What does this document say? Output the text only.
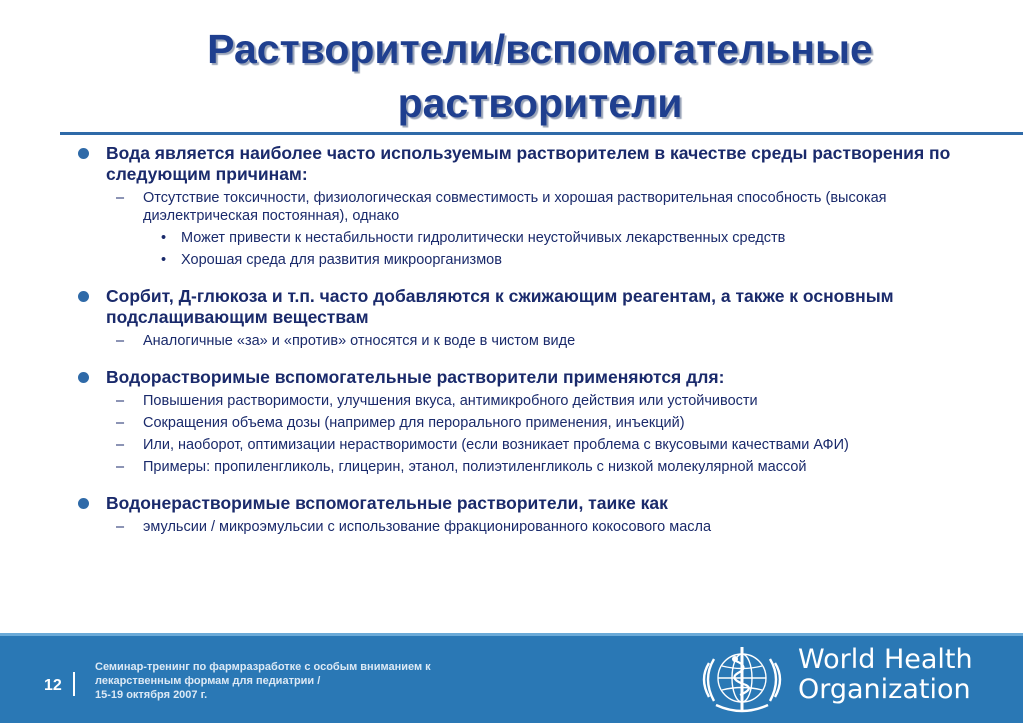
Растворители/вспомогательные
растворители
Вода является наиболее часто используемым растворителем в качестве среды растворения по следующим причинам:
– Отсутствие токсичности, физиологическая совместимость и хорошая растворительная способность (высокая диэлектрическая постоянная), однако
• Может привести к нестабильности гидролитически неустойчивых лекарственных средств
• Хорошая среда для развития микроорганизмов
Сорбит, Д-глюкоза и т.п. часто добавляются к сжижающим реагентам, а также к основным подслащивающим веществам
– Аналогичные «за» и «против» относятся и к воде в чистом виде
Водорастворимые вспомогательные растворители применяются для:
– Повышения растворимости, улучшения вкуса, антимикробного действия или устойчивости
– Сокращения объема дозы (например для перорального применения, инъекций)
– Или, наоборот, оптимизации нерастворимости (если возникает проблема с вкусовыми качествами АФИ)
– Примеры: пропиленгликоль, глицерин, этанол, полиэтиленгликоль с низкой молекулярной массой
Водонерастворимые вспомогательные растворители, таике как
– эмульсии / микроэмульсии с использование фракционированного кокосового масла
12
Семинар-тренинг по фармразработке с особым вниманием к
лекарственным формам для педиатрии /
15-19 октября 2007 г.
World Health
Organization
